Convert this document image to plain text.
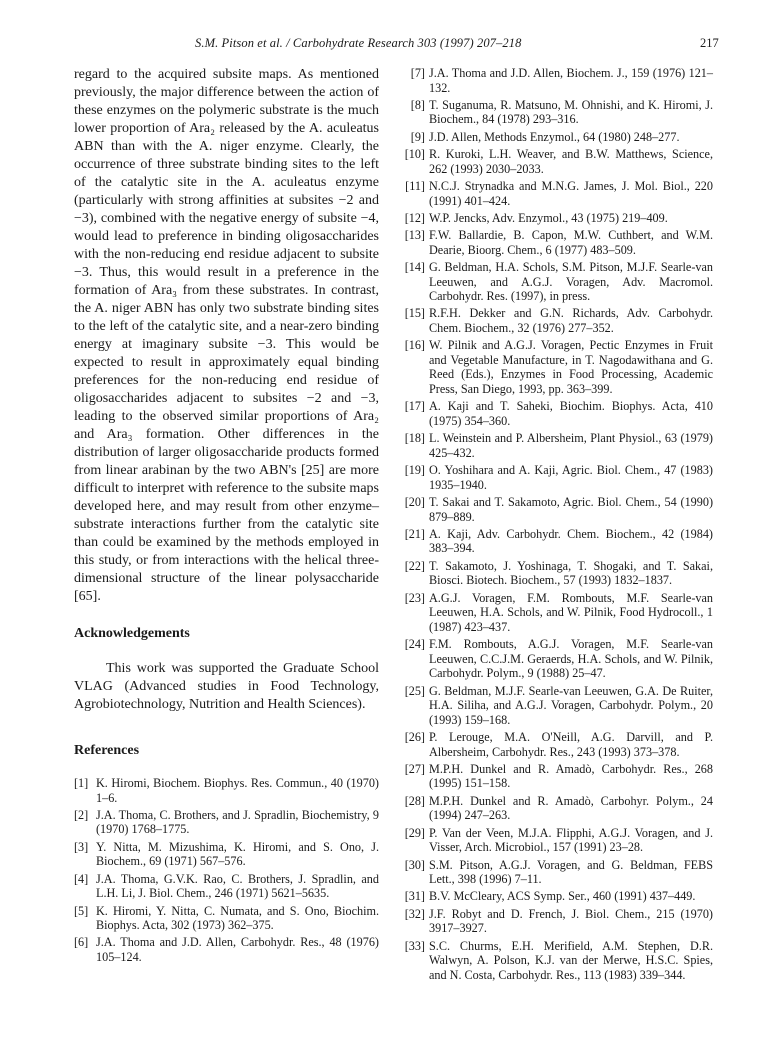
S.M. Pitson et al. / Carbohydrate Research 303 (1997) 207–218	217

regard to the acquired subsite maps. As mentioned previously, the major difference between the action of these enzymes on the polymeric substrate is the much lower proportion of Ara₂ released by the A. aculeatus ABN than with the A. niger enzyme. Clearly, the occurrence of three substrate binding sites to the left of the catalytic site in the A. aculeatus enzyme (particularly with strong affinities at subsites −2 and −3), combined with the negative energy of subsite −4, would lead to preference in binding oligosaccharides with the non-reducing end residue adjacent to subsite −3. Thus, this would result in a preference in the formation of Ara₃ from these substrates. In contrast, the A. niger ABN has only two substrate binding sites to the left of the catalytic site, and a near-zero binding energy at imaginary subsite −3. This would be expected to result in approximately equal binding preferences for the non-reducing end residue of oligosaccharides adjacent to subsites −2 and −3, leading to the observed similar proportions of Ara₂ and Ara₃ formation. Other differences in the distribution of larger oligosaccharide products formed from linear arabinan by the two ABN's [25] are more difficult to interpret with reference to the subsite maps developed here, and may result from other enzyme–substrate interactions further from the catalytic site than could be examined by the methods employed in this study, or from interactions with the helical three-dimensional structure of the linear polysaccharide [65].

Acknowledgements

This work was supported the Graduate School VLAG (Advanced studies in Food Technology, Agrobiotechnology, Nutrition and Health Sciences).

References

[1] K. Hiromi, Biochem. Biophys. Res. Commun., 40 (1970) 1–6.

[2] J.A. Thoma, C. Brothers, and J. Spradlin, Biochemistry, 9 (1970) 1768–1775.

[3] Y. Nitta, M. Mizushima, K. Hiromi, and S. Ono, J. Biochem., 69 (1971) 567–576.

[4] J.A. Thoma, G.V.K. Rao, C. Brothers, J. Spradlin, and L.H. Li, J. Biol. Chem., 246 (1971) 5621–5635.

[5] K. Hiromi, Y. Nitta, C. Numata, and S. Ono, Biochim. Biophys. Acta, 302 (1973) 362–375.

[6] J.A. Thoma and J.D. Allen, Carbohydr. Res., 48 (1976) 105–124.

[7] J.A. Thoma and J.D. Allen, Biochem. J., 159 (1976) 121–132.

[8] T. Suganuma, R. Matsuno, M. Ohnishi, and K. Hiromi, J. Biochem., 84 (1978) 293–316.

[9] J.D. Allen, Methods Enzymol., 64 (1980) 248–277.

[10] R. Kuroki, L.H. Weaver, and B.W. Matthews, Science, 262 (1993) 2030–2033.

[11] N.C.J. Strynadka and M.N.G. James, J. Mol. Biol., 220 (1991) 401–424.

[12] W.P. Jencks, Adv. Enzymol., 43 (1975) 219–409.

[13] F.W. Ballardie, B. Capon, M.W. Cuthbert, and W.M. Dearie, Bioorg. Chem., 6 (1977) 483–509.

[14] G. Beldman, H.A. Schols, S.M. Pitson, M.J.F. Searle-van Leeuwen, and A.G.J. Voragen, Adv. Macromol. Carbohydr. Res. (1997), in press.

[15] R.F.H. Dekker and G.N. Richards, Adv. Carbohydr. Chem. Biochem., 32 (1976) 277–352.

[16] W. Pilnik and A.G.J. Voragen, Pectic Enzymes in Fruit and Vegetable Manufacture, in T. Nagodawithana and G. Reed (Eds.), Enzymes in Food Processing, Academic Press, San Diego, 1993, pp. 363–399.

[17] A. Kaji and T. Saheki, Biochim. Biophys. Acta, 410 (1975) 354–360.

[18] L. Weinstein and P. Albersheim, Plant Physiol., 63 (1979) 425–432.

[19] O. Yoshihara and A. Kaji, Agric. Biol. Chem., 47 (1983) 1935–1940.

[20] T. Sakai and T. Sakamoto, Agric. Biol. Chem., 54 (1990) 879–889.

[21] A. Kaji, Adv. Carbohydr. Chem. Biochem., 42 (1984) 383–394.

[22] T. Sakamoto, J. Yoshinaga, T. Shogaki, and T. Sakai, Biosci. Biotech. Biochem., 57 (1993) 1832–1837.

[23] A.G.J. Voragen, F.M. Rombouts, M.F. Searle-van Leeuwen, H.A. Schols, and W. Pilnik, Food Hydrocoll., 1 (1987) 423–437.

[24] F.M. Rombouts, A.G.J. Voragen, M.F. Searle-van Leeuwen, C.C.J.M. Geraerds, H.A. Schols, and W. Pilnik, Carbohydr. Polym., 9 (1988) 25–47.

[25] G. Beldman, M.J.F. Searle-van Leeuwen, G.A. De Ruiter, H.A. Siliha, and A.G.J. Voragen, Carbohydr. Polym., 20 (1993) 159–168.

[26] P. Lerouge, M.A. O'Neill, A.G. Darvill, and P. Albersheim, Carbohydr. Res., 243 (1993) 373–378.

[27] M.P.H. Dunkel and R. Amadò, Carbohydr. Res., 268 (1995) 151–158.

[28] M.P.H. Dunkel and R. Amadò, Carbohyr. Polym., 24 (1994) 247–263.

[29] P. Van der Veen, M.J.A. Flipphi, A.G.J. Voragen, and J. Visser, Arch. Microbiol., 157 (1991) 23–28.

[30] S.M. Pitson, A.G.J. Voragen, and G. Beldman, FEBS Lett., 398 (1996) 7–11.

[31] B.V. McCleary, ACS Symp. Ser., 460 (1991) 437–449.

[32] J.F. Robyt and D. French, J. Biol. Chem., 215 (1970) 3917–3927.

[33] S.C. Churms, E.H. Merifield, A.M. Stephen, D.R. Walwyn, A. Polson, K.J. van der Merwe, H.S.C. Spies, and N. Costa, Carbohydr. Res., 113 (1983) 339–344.
